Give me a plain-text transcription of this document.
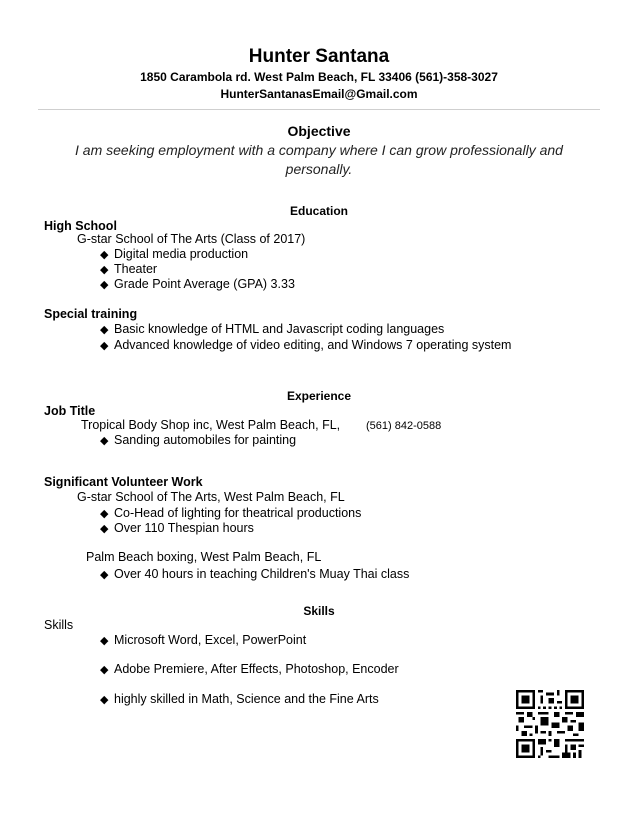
Hunter Santana
1850 Carambola rd. West Palm Beach, FL 33406 (561)-358-3027
HunterSantanasEmail@Gmail.com
Objective
I am seeking employment with a company where I can grow professionally and personally.
Education
High School
G-star School of The Arts (Class of 2017)
◆ Digital media production
◆ Theater
◆ Grade Point Average (GPA) 3.33
Special training
◆ Basic knowledge of HTML and Javascript coding languages
◆ Advanced knowledge of video editing, and Windows 7 operating system
Experience
Job Title
Tropical Body Shop inc, West Palm Beach, FL, (561) 842-0588
◆ Sanding automobiles for painting
Significant Volunteer Work
G-star School of The Arts, West Palm Beach, FL
◆ Co-Head of lighting for theatrical productions
◆ Over 110 Thespian hours
Palm Beach boxing, West Palm Beach, FL
◆ Over 40 hours in teaching Children's Muay Thai class
Skills
Skills
◆ Microsoft Word, Excel, PowerPoint
◆ Adobe Premiere, After Effects, Photoshop, Encoder
◆ highly skilled in Math, Science and the Fine Arts
